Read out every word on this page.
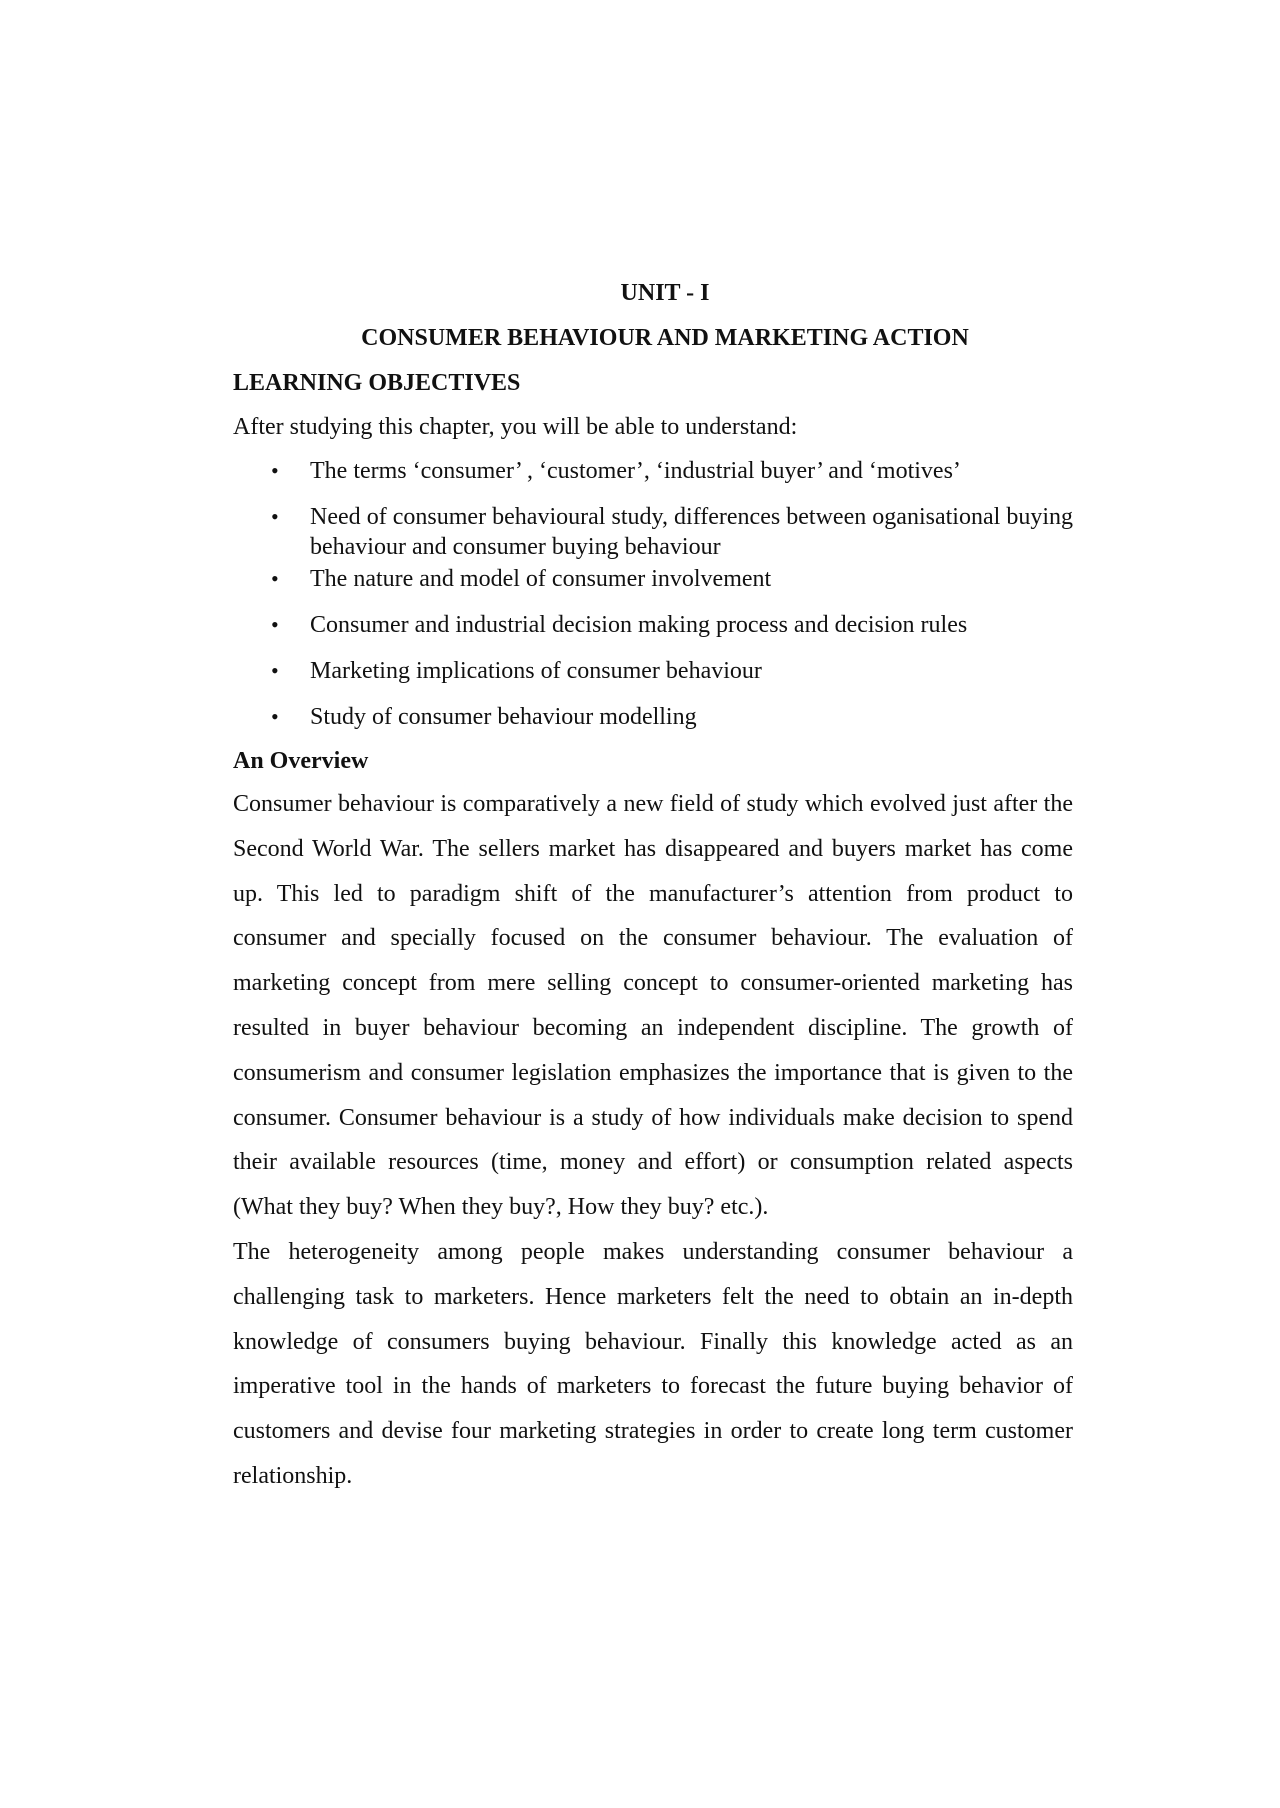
UNIT - I
CONSUMER BEHAVIOUR AND MARKETING ACTION
LEARNING OBJECTIVES

After studying this chapter, you will be able to understand:

• The terms ‘consumer’ , ‘customer’, ‘industrial buyer’ and ‘motives’
• Need of consumer behavioural study, differences between oganisational buying behaviour and consumer buying behaviour
• The nature and model of consumer involvement
• Consumer and industrial decision making process and decision rules
• Marketing implications of consumer behaviour
• Study of consumer behaviour modelling
An Overview

Consumer behaviour is comparatively a new field of study which evolved just after the Second World War. The sellers market has disappeared and buyers market has come up. This led to paradigm shift of the manufacturer’s attention from product to consumer and specially focused on the consumer behaviour. The evaluation of marketing concept from mere selling concept to consumer-oriented marketing has resulted in buyer behaviour becoming an independent discipline. The growth of consumerism and consumer legislation emphasizes the importance that is given to the consumer. Consumer behaviour is a study of how individuals make decision to spend their available resources (time, money and effort) or consumption related aspects (What they buy? When they buy?, How they buy? etc.).

The heterogeneity among people makes understanding consumer behaviour a challenging task to marketers. Hence marketers felt the need to obtain an in-depth knowledge of consumers buying behaviour. Finally this knowledge acted as an imperative tool in the hands of marketers to forecast the future buying behavior of customers and devise four marketing strategies in order to create long term customer relationship.
